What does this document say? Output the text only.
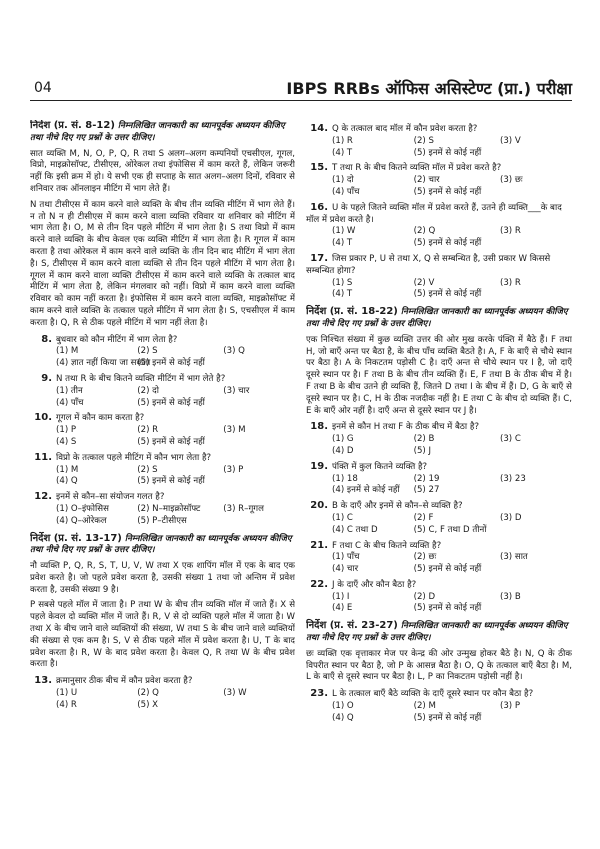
04	IBPS RRBs ऑफिस असिस्टेण्ट (प्रा.) परीक्षा
निर्देश (प्र. सं. 8-12) निम्नलिखित जानकारी का ध्यानपूर्वक अध्ययन कीजिए तथा नीचे दिए गए प्रश्नों के उत्तर दीजिए।

सात व्यक्ति M, N, O, P, Q, R तथा S अलग–अलग कम्पनियों एचसीएल, गूगल, विप्रो, माइक्रोसॉफ्ट, टीसीएस, ओरेकल तथा इंफोसिस में काम करते हैं, लेकिन जरूरी नहीं कि इसी क्रम में हो। ये सभी एक ही सप्ताह के सात अलग–अलग दिनों, रविवार से शनिवार तक ऑनलाइन मीटिंग में भाग लेते हैं।

N तथा टीसीएस में काम करने वाले व्यक्ति के बीच तीन व्यक्ति मीटिंग में भाग लेते हैं। न तो N न ही टीसीएस में काम करने वाला व्यक्ति रविवार या शनिवार को मीटिंग में भाग लेता है। O, M से तीन दिन पहले मीटिंग में भाग लेता है। S तथा विप्रो में काम करने वाले व्यक्ति के बीच केवल एक व्यक्ति मीटिंग में भाग लेता है। R गूगल में काम करता है तथा ओरेकल में काम करने वाले व्यक्ति के तीन दिन बाद मीटिंग में भाग लेता है। S, टीसीएस में काम करने वाला व्यक्ति से तीन दिन पहले मीटिंग में भाग लेता है। गूगल में काम करने वाला व्यक्ति टीसीएस में काम करने वाले व्यक्ति के तत्काल बाद मीटिंग में भाग लेता है, लेकिन मंगलवार को नहीं। विप्रो में काम करने वाला व्यक्ति रविवार को काम नहीं करता है। इंफोसिस में काम करने वाला व्यक्ति, माइक्रोसॉफ्ट में काम करने वाले व्यक्ति के तत्काल पहले मीटिंग में भाग लेता है। S, एचसीएल में काम करता है। Q, R से ठीक पहले मीटिंग में भाग नहीं लेता है।

8. बुधवार को कौन मीटिंग में भाग लेता है?
(1) M	(2) S	(3) Q
(4) ज्ञात नहीं किया जा सकता
(5) इनमें से कोई नहीं
9. N तथा R के बीच कितने व्यक्ति मीटिंग में भाग लेते है?
(1) तीन	(2) दो	(3) चार
(4) पाँच	(5) इनमें से कोई नहीं
10. गूगल में कौन काम करता है?
(1) P	(2) R	(3) M
(4) S	(5) इनमें से कोई नहीं
11. विप्रो के तत्काल पहले मीटिंग में कौन भाग लेता है?
(1) M	(2) S	(3) P
(4) Q	(5) इनमें से कोई नहीं
12. इनमें से कौन–सा संयोजन गलत है?
(1) O–इंफोसिस	(2) N–माइक्रोसॉफ्ट	(3) R–गूगल
(4) Q–ओरेकल	(5) P–टीसीएस
निर्देश (प्र. सं. 13-17) निम्नलिखित जानकारी का ध्यानपूर्वक अध्ययन कीजिए तथा नीचे दिए गए प्रश्नों के उत्तर दीजिए।

नौ व्यक्ति P, Q, R, S, T, U, V, W तथा X एक शापिंग मॉल में एक के बाद एक प्रवेश करते है। जो पहले प्रवेश करता है, उसकी संख्या 1 तथा जो अन्तिम में प्रवेश करता है, उसकी संख्या 9 है।

P सबसे पहले मॉल में जाता है। P तथा W के बीच तीन व्यक्ति मॉल में जाते हैं। X से पहले केवल दो व्यक्ति मॉल में जाते हैं। R, V से दो व्यक्ति पहले मॉल में जाता है। W तथा X के बीच जाने वाले व्यक्तियों की संख्या, W तथा S के बीच जाने वाले व्यक्तियों की संख्या से एक कम है। S, V से ठीक पहले मॉल में प्रवेश करता है। U, T के बाद प्रवेश करता है। R, W के बाद प्रवेश करता है। केवल Q, R तथा W के बीच प्रवेश करता है।

13. क्रमानुसार ठीक बीच में कौन प्रवेश करता है?
(1) U	(2) Q	(3) W
(4) R	(5) X
14. Q के तत्काल बाद मॉल में कौन प्रवेश करता है?
(1) R	(2) S	(3) V
(4) T	(5) इनमें से कोई नहीं
15. T तथा R के बीच कितने व्यक्ति मॉल में प्रवेश करते है?
(1) दो	(2) चार	(3) छः
(4) पाँच	(5) इनमें से कोई नहीं
16. U के पहले जितने व्यक्ति मॉल में प्रवेश करते हैं, उतने ही व्यक्ति___के बाद मॉल में प्रवेश करते है।
(1) W	(2) Q	(3) R
(4) T	(5) इनमें से कोई नहीं
17. जिस प्रकार P, U से तथा X, Q से सम्बन्धित है, उसी प्रकार W किससे सम्बन्धित होगा?
(1) S	(2) V	(3) R
(4) T	(5) इनमें से कोई नहीं
निर्देश (प्र. सं. 18-22) निम्नलिखित जानकारी का ध्यानपूर्वक अध्ययन कीजिए तथा नीचे दिए गए प्रश्नों के उत्तर दीजिए।

एक निश्चित संख्या में कुछ व्यक्ति उत्तर की ओर मुख करके पंक्ति में बैठे हैं। F तथा H, जो बाएँ अन्त पर बैठा है, के बीच पाँच व्यक्ति बैठते है। A, F के बाएँ से चौथे स्थान पर बैठा है। A के निकटतम पड़ोसी C है। दाएँ अन्त से चौथे स्थान पर I है, जो दाएँ दूसरे स्थान पर है। F तथा B के बीच तीन व्यक्ति हैं। E, F तथा B के ठीक बीच में है। F तथा B के बीच उतने ही व्यक्ति हैं, जितने D तथा I के बीच में हैं। D, G के बाएँ से दूसरे स्थान पर है। C, H के ठीक नजदीक नहीं है। E तथा C के बीच दो व्यक्ति हैं। C, E के बाएँ ओर नहीं है। दाएँ अन्त से दूसरे स्थान पर J है।

18. इनमें से कौन H तथा F के ठीक बीच में बैठा है?
(1) G	(2) B	(3) C
(4) D	(5) J
19. पंक्ति में कुल कितने व्यक्ति है?
(1) 18	(2) 19	(3) 23
(4) इनमें से कोई नहीं	(5) 27
20. B के दाएँ और इनमें से कौन–से व्यक्ति है?
(1) C	(2) F	(3) D
(4) C तथा D	(5) C, F तथा D तीनों
21. F तथा C के बीच कितने व्यक्ति है?
(1) पाँच	(2) छः	(3) सात
(4) चार	(5) इनमें से कोई नहीं
22. J के दाएँ और कौन बैठा है?
(1) I	(2) D	(3) B
(4) E	(5) इनमें से कोई नहीं
निर्देश (प्र. सं. 23-27) निम्नलिखित जानकारी का ध्यानपूर्वक अध्ययन कीजिए तथा नीचे दिए गए प्रश्नों के उत्तर दीजिए।

छः व्यक्ति एक वृत्ताकार मेज पर केन्द्र की ओर उन्मुख होकर बैठे है। N, Q के ठीक विपरीत स्थान पर बैठा है, जो P के आसन्न बैठा है। O, Q के तत्काल बाएँ बैठा है। M, L के बाएँ से दूसरे स्थान पर बैठा है। L, P का निकटतम पड़ोसी नहीं है।

23. L के तत्काल बाएँ बैठे व्यक्ति के दाएँ दूसरे स्थान पर कौन बैठा है?
(1) O	(2) M	(3) P
(4) Q	(5) इनमें से कोई नहीं
